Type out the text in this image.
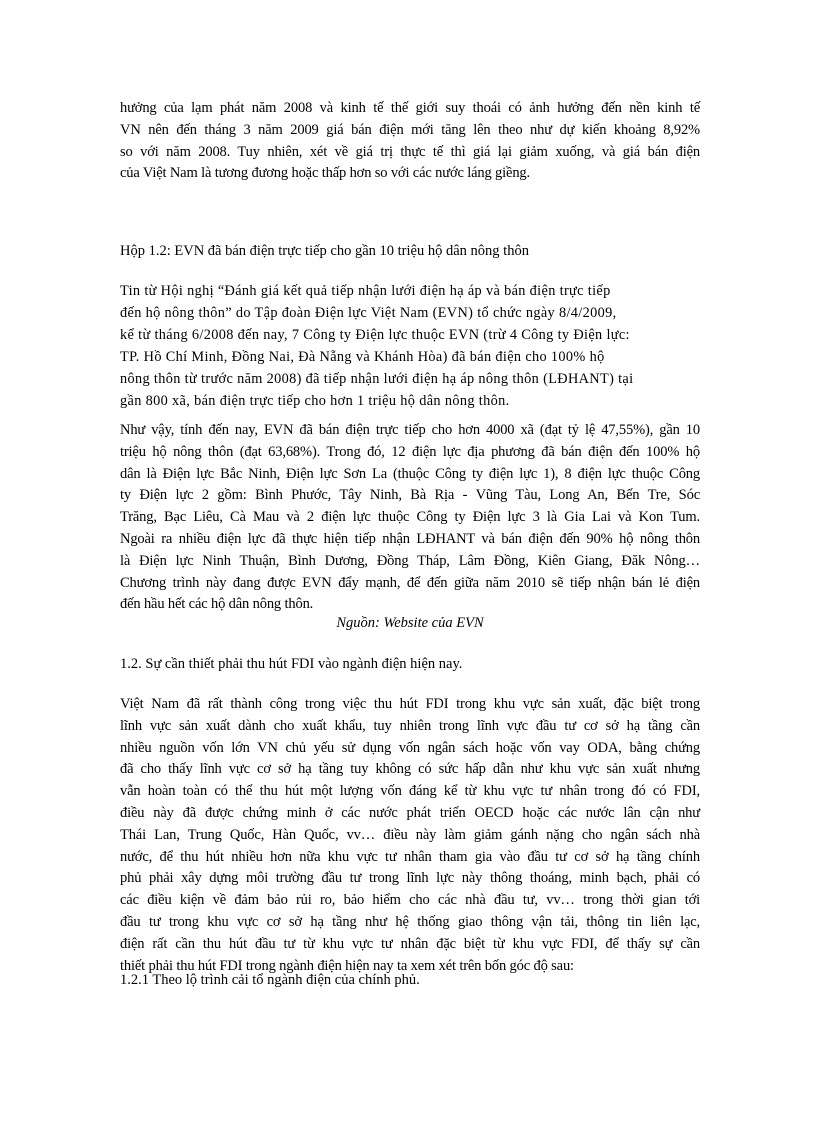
hưởng của lạm phát năm 2008 và kinh tế thế giới suy thoái có ảnh hưởng đến nền kinh tế
VN nên đến tháng 3 năm 2009 giá bán điện mới tăng lên theo như dự kiến khoảng 8,92%
so với năm 2008. Tuy nhiên, xét về giá trị thực tế thì giá lại giảm xuống, và giá bán điện
của Việt Nam là tương đương hoặc thấp hơn so với các nước láng giềng.

Hộp 1.2: EVN đã bán điện trực tiếp cho gần 10 triệu hộ dân nông thôn

Tin từ Hội nghị “Đánh giá kết quả tiếp nhận lưới điện hạ áp và bán điện trực tiếp
đến hộ nông thôn” do Tập đoàn Điện lực Việt Nam (EVN) tổ chức ngày 8/4/2009,
kể từ tháng 6/2008 đến nay, 7 Công ty Điện lực thuộc EVN (trừ 4 Công ty Điện lực:
TP. Hồ Chí Minh, Đồng Nai, Đà Nẵng và Khánh Hòa) đã bán điện cho 100% hộ
nông thôn từ trước năm 2008) đã tiếp nhận lưới điện hạ áp nông thôn (LĐHANT) tại
gần 800 xã, bán điện trực tiếp cho hơn 1 triệu hộ dân nông thôn.

Như vậy, tính đến nay, EVN đã bán điện trực tiếp cho hơn 4000 xã (đạt tỷ lệ 47,55%), gần 10
triệu hộ nông thôn (đạt 63,68%). Trong đó, 12 điện lực địa phương đã bán điện đến 100% hộ
dân là Điện lực Bắc Ninh, Điện lực Sơn La (thuộc Công ty điện lực 1), 8 điện lực thuộc Công
ty Điện lực 2 gồm: Bình Phước, Tây Ninh, Bà Rịa - Vũng Tàu, Long An, Bến Tre, Sóc
Trăng, Bạc Liêu, Cà Mau và 2 điện lực thuộc Công ty Điện lực 3 là Gia Lai và Kon Tum.
Ngoài ra nhiều điện lực đã thực hiện tiếp nhận LĐHANT và bán điện đến 90% hộ nông thôn
là Điện lực Ninh Thuận, Bình Dương, Đồng Tháp, Lâm Đồng, Kiên Giang, Đăk Nông…
Chương trình này đang được EVN đẩy mạnh, để đến giữa năm 2010 sẽ tiếp nhận bán lẻ điện
đến hầu hết các hộ dân nông thôn.

Nguồn: Website của EVN

1.2. Sự cần thiết phải thu hút FDI vào ngành điện hiện nay.

Việt Nam đã rất thành công trong việc thu hút FDI trong khu vực sản xuất, đặc biệt trong
lĩnh vực sản xuất dành cho xuất khẩu, tuy nhiên trong lĩnh vực đầu tư cơ sở hạ tầng cần
nhiều nguồn vốn lớn VN chủ yếu sử dụng vốn ngân sách hoặc vốn vay ODA, bằng chứng
đã cho thấy lĩnh vực cơ sở hạ tầng tuy không có sức hấp dẫn như khu vực sản xuất nhưng
vẫn hoàn toàn có thể thu hút một lượng vốn đáng kể từ khu vực tư nhân trong đó có FDI,
điều này đã được chứng minh ở các nước phát triển OECD hoặc các nước lân cận như
Thái Lan, Trung Quốc, Hàn Quốc, vv… điều này làm giảm gánh nặng cho ngân sách nhà
nước, để thu hút nhiều hơn nữa khu vực tư nhân tham gia vào đầu tư cơ sở hạ tầng chính
phủ phải xây dựng môi trường đầu tư trong lĩnh lực này thông thoáng, minh bạch, phải có
các điều kiện về đảm bảo rủi ro, bảo hiểm cho các nhà đầu tư, vv… trong thời gian tới
đầu tư trong khu vực cơ sở hạ tầng như hệ thống giao thông vận tải, thông tin liên lạc,
điện rất cần thu hút đầu tư từ khu vực tư nhân đặc biệt từ khu vực FDI, để thấy sự cần
thiết phải thu hút FDI trong ngành điện hiện nay ta xem xét trên bốn góc độ sau:

1.2.1 Theo lộ trình cải tổ ngành điện của chính phủ.
